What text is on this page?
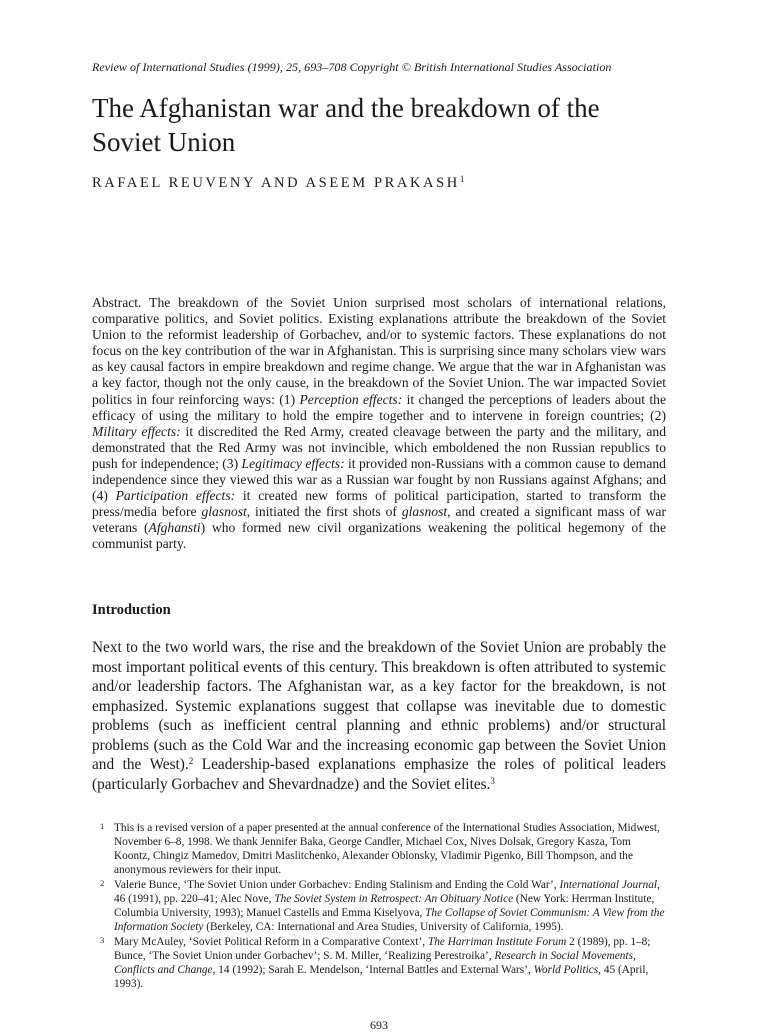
Review of International Studies (1999), 25, 693–708 Copyright © British International Studies Association
The Afghanistan war and the breakdown of the Soviet Union
RAFAEL REUVENY AND ASEEM PRAKASH$^1$

Abstract. The breakdown of the Soviet Union surprised most scholars of international relations, comparative politics, and Soviet politics. Existing explanations attribute the breakdown of the Soviet Union to the reformist leadership of Gorbachev, and/or to systemic factors. These explanations do not focus on the key contribution of the war in Afghanistan. This is surprising since many scholars view wars as key causal factors in empire breakdown and regime change. We argue that the war in Afghanistan was a key factor, though not the only cause, in the breakdown of the Soviet Union. The war impacted Soviet politics in four reinforcing ways: (1) Perception effects: it changed the perceptions of leaders about the efficacy of using the military to hold the empire together and to intervene in foreign countries; (2) Military effects: it discredited the Red Army, created cleavage between the party and the military, and demonstrated that the Red Army was not invincible, which emboldened the non Russian republics to push for independence; (3) Legitimacy effects: it provided non-Russians with a common cause to demand independence since they viewed this war as a Russian war fought by non Russians against Afghans; and (4) Participation effects: it created new forms of political participation, started to transform the press/media before glasnost, initiated the first shots of glasnost, and created a significant mass of war veterans (Afghansti) who formed new civil organizations weakening the political hegemony of the communist party.

Introduction

Next to the two world wars, the rise and the breakdown of the Soviet Union are probably the most important political events of this century. This breakdown is often attributed to systemic and/or leadership factors. The Afghanistan war, as a key factor for the breakdown, is not emphasized. Systemic explanations suggest that collapse was inevitable due to domestic problems (such as inefficient central planning and ethnic problems) and/or structural problems (such as the Cold War and the increasing economic gap between the Soviet Union and the West).$^2$ Leadership-based explanations emphasize the roles of political leaders (particularly Gorbachev and Shevardnadze) and the Soviet elites.$^3$

1 This is a revised version of a paper presented at the annual conference of the International Studies Association, Midwest, November 6–8, 1998. We thank Jennifer Baka, George Candler, Michael Cox, Nives Dolsak, Gregory Kasza, Tom Koontz, Chingiz Mamedov, Dmitri Maslitchenko, Alexander Oblonsky, Vladimir Pigenko, Bill Thompson, and the anonymous reviewers for their input.

2 Valerie Bunce, ‘The Soviet Union under Gorbachev: Ending Stalinism and Ending the Cold War’, International Journal, 46 (1991), pp. 220–41; Alec Nove, The Soviet System in Retrospect: An Obituary Notice (New York: Herrman Institute, Columbia University, 1993); Manuel Castells and Emma Kiselyova, The Collapse of Soviet Communism: A View from the Information Society (Berkeley, CA: International and Area Studies, University of California, 1995).

3 Mary McAuley, ‘Soviet Political Reform in a Comparative Context’, The Harriman Institute Forum 2 (1989), pp. 1–8; Bunce, ‘The Soviet Union under Gorbachev’; S. M. Miller, ‘Realizing Perestroika’, Research in Social Movements, Conflicts and Change, 14 (1992); Sarah E. Mendelson, ‘Internal Battles and External Wars’, World Politics, 45 (April, 1993).

693
